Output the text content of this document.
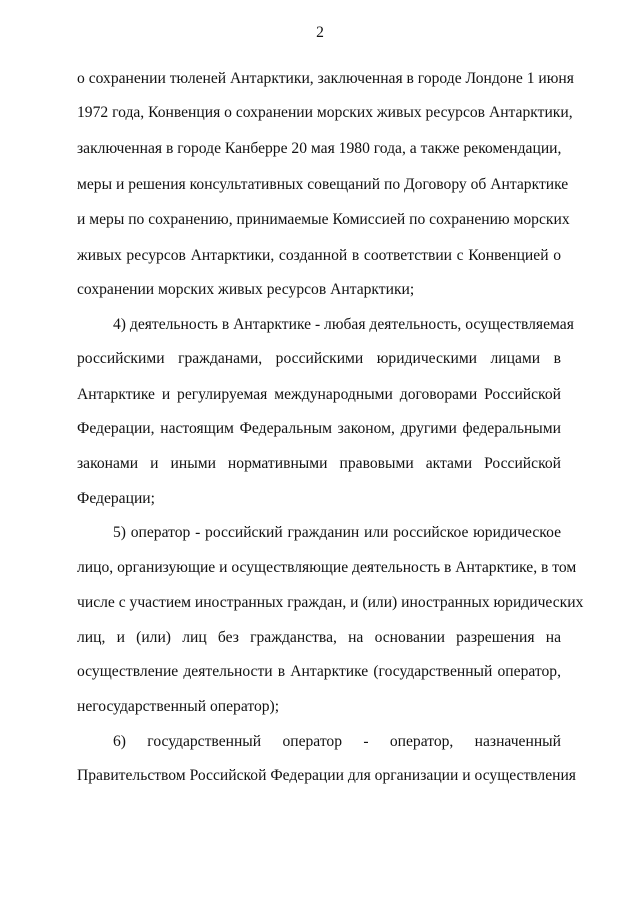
2
о сохранении тюленей Антарктики, заключенная в городе Лондоне 1 июня
1972 года, Конвенция о сохранении морских живых ресурсов Антарктики,
заключенная в городе Канберре 20 мая 1980 года, а также рекомендации,
меры и решения консультативных совещаний по Договору об Антарктике
и меры по сохранению, принимаемые Комиссией по сохранению морских
живых ресурсов Антарктики, созданной в соответствии с Конвенцией о
сохранении морских живых ресурсов Антарктики;
4) деятельность в Антарктике - любая деятельность, осуществляемая
российскими гражданами, российскими юридическими лицами в
Антарктике и регулируемая международными договорами Российской
Федерации, настоящим Федеральным законом, другими федеральными
законами и иными нормативными правовыми актами Российской
Федерации;
5) оператор - российский гражданин или российское юридическое
лицо, организующие и осуществляющие деятельность в Антарктике, в том
числе с участием иностранных граждан, и (или) иностранных юридических
лиц, и (или) лиц без гражданства, на основании разрешения на
осуществление деятельности в Антарктике (государственный оператор,
негосударственный оператор);
6) государственный оператор - оператор, назначенный
Правительством Российской Федерации для организации и осуществления
